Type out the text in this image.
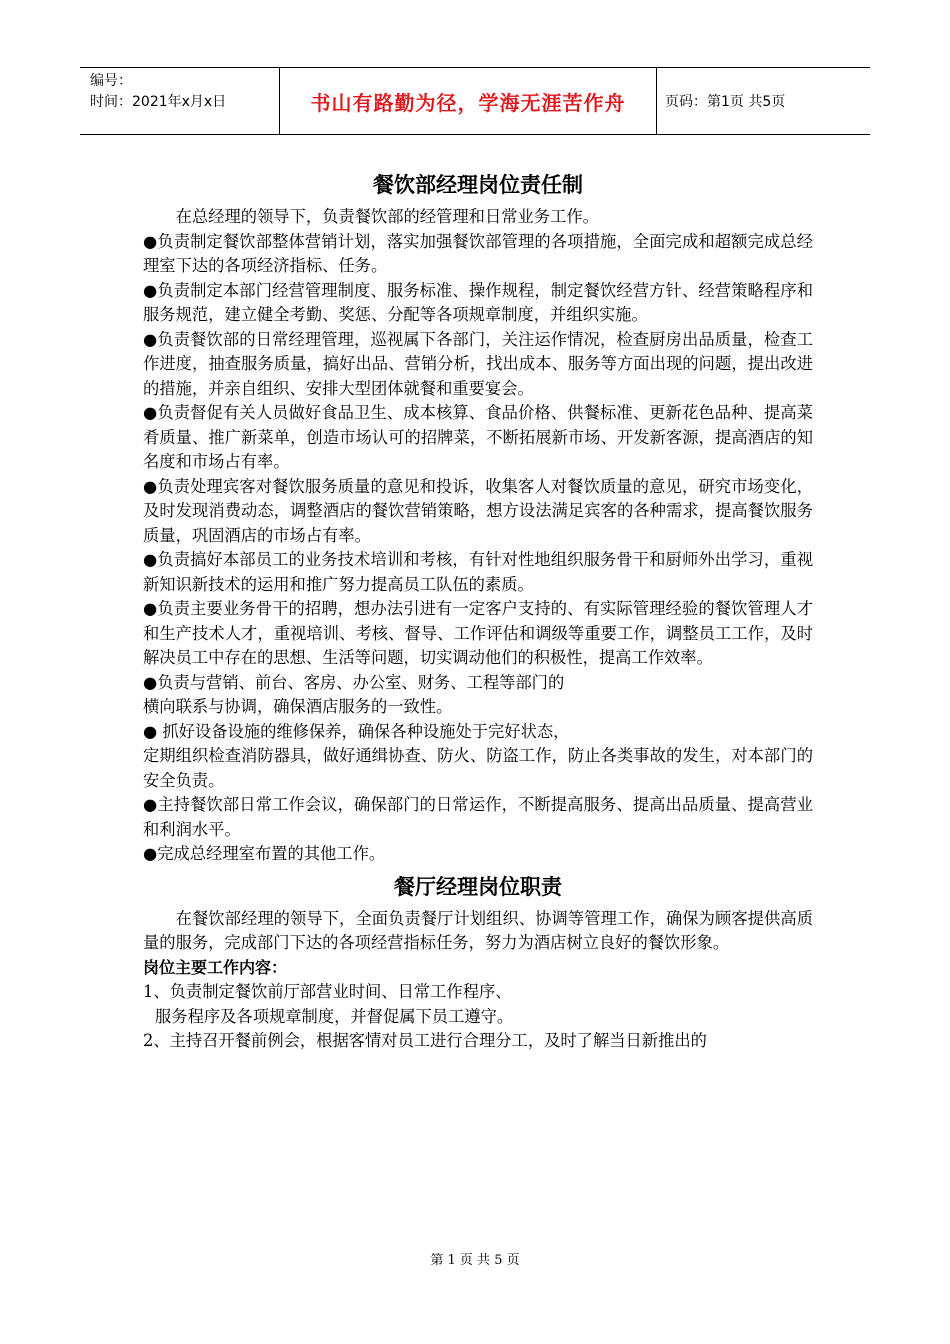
编号：
时间：2021年x月x日	书山有路勤为径，学海无涯苦作舟	页码：第1页 共5页
餐饮部经理岗位责任制

在总经理的领导下，负责餐饮部的经管理和日常业务工作。

●负责制定餐饮部整体营销计划，落实加强餐饮部管理的各项措施，全面完成和超额完成总经理室下达的各项经济指标、任务。

●负责制定本部门经营管理制度、服务标准、操作规程，制定餐饮经营方针、经营策略程序和服务规范，建立健全考勤、奖惩、分配等各项规章制度，并组织实施。

●负责餐饮部的日常经理管理，巡视属下各部门，关注运作情况，检查厨房出品质量，检查工作进度，抽查服务质量，搞好出品、营销分析，找出成本、服务等方面出现的问题，提出改进的措施，并亲自组织、安排大型团体就餐和重要宴会。

●负责督促有关人员做好食品卫生、成本核算、食品价格、供餐标准、更新花色品种、提高菜肴质量、推广新菜单，创造市场认可的招牌菜，不断拓展新市场、开发新客源，提高酒店的知名度和市场占有率。

●负责处理宾客对餐饮服务质量的意见和投诉，收集客人对餐饮质量的意见，研究市场变化，及时发现消费动态，调整酒店的餐饮营销策略，想方设法满足宾客的各种需求，提高餐饮服务质量，巩固酒店的市场占有率。

●负责搞好本部员工的业务技术培训和考核，有针对性地组织服务骨干和厨师外出学习，重视新知识新技术的运用和推广努力提高员工队伍的素质。

●负责主要业务骨干的招聘，想办法引进有一定客户支持的、有实际管理经验的餐饮管理人才和生产技术人才，重视培训、考核、督导、工作评估和调级等重要工作，调整员工工作，及时解决员工中存在的思想、生活等问题，切实调动他们的积极性，提高工作效率。

●负责与营销、前台、客房、办公室、财务、工程等部门的

横向联系与协调，确保酒店服务的一致性。

● 抓好设备设施的维修保养，确保各种设施处于完好状态，

定期组织检查消防器具，做好通缉协查、防火、防盗工作，防止各类事故的发生，对本部门的安全负责。

●主持餐饮部日常工作会议，确保部门的日常运作，不断提高服务、提高出品质量、提高营业和利润水平。

●完成总经理室布置的其他工作。

餐厅经理岗位职责

在餐饮部经理的领导下，全面负责餐厅计划组织、协调等管理工作，确保为顾客提供高质量的服务，完成部门下达的各项经营指标任务，努力为酒店树立良好的餐饮形象。

岗位主要工作内容：

1、负责制定餐饮前厅部营业时间、日常工作程序、

服务程序及各项规章制度，并督促属下员工遵守。

2、主持召开餐前例会，根据客情对员工进行合理分工，及时了解当日新推出的

第 1 页 共 5 页
